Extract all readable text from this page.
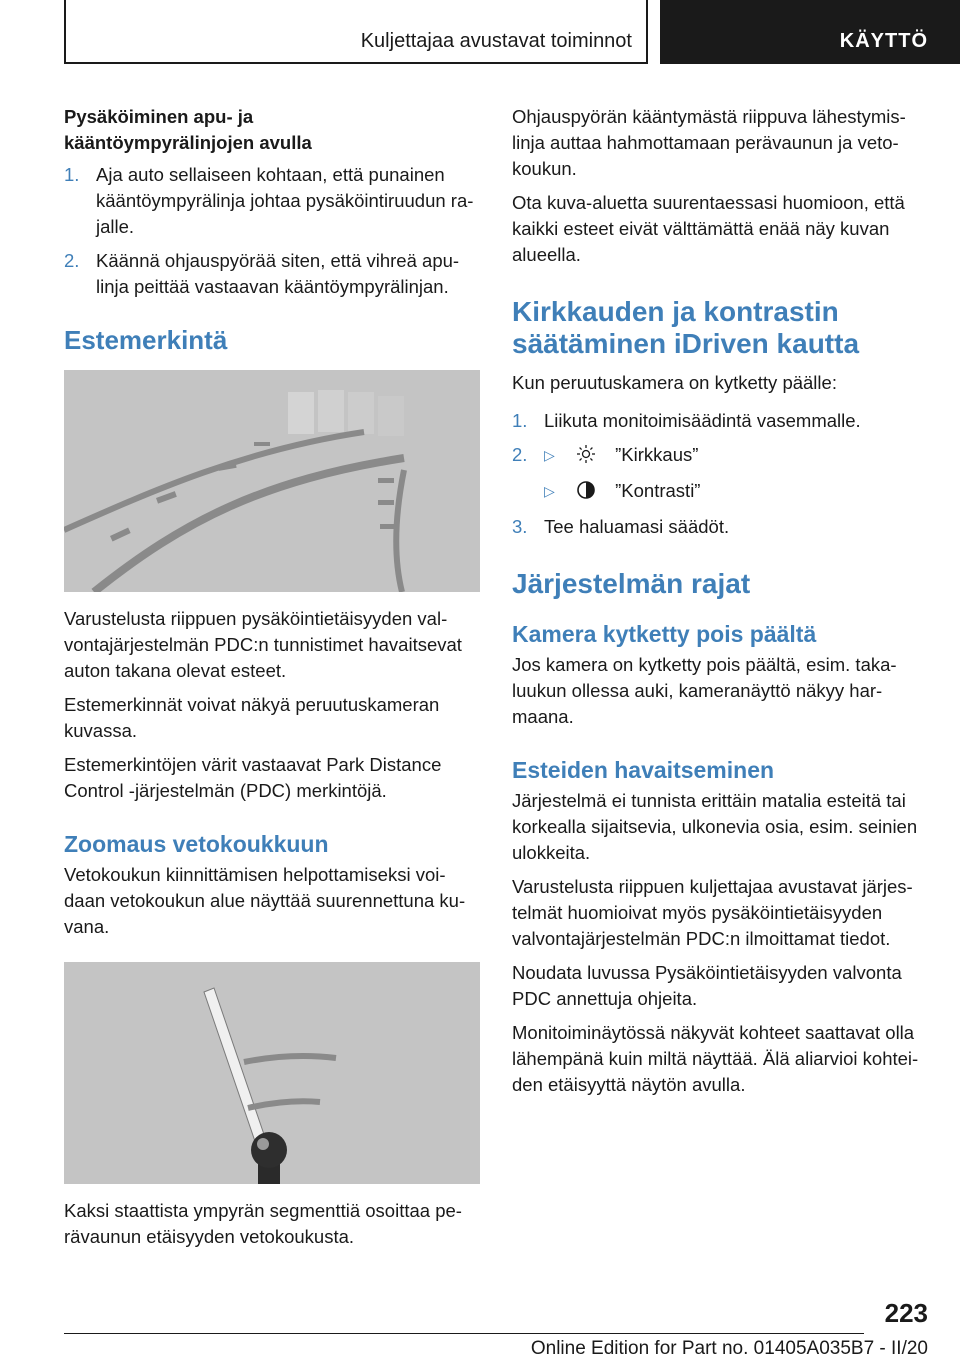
Kuljettajaa avustavat toiminnot	KÄYTTÖ
Pysäköiminen apu- ja
kääntöympyrälinjojen avulla
1. Aja auto sellaiseen kohtaan, että punainen kääntöympyrälinja johtaa pysäköintiruudun rajalle.
2. Käännä ohjauspyörää siten, että vihreä apulinja peittää vastaavan kääntöympyrälinjan.
Estemerkintä

Varustelusta riippuen pysäköintietäisyyden valvontajärjestelmän PDC:n tunnistimet havaitsevat auton takana olevat esteet.

Estemerkinnät voivat näkyä peruutuskameran kuvassa.

Estemerkintöjen värit vastaavat Park Distance Control -järjestelmän (PDC) merkintöjä.

Zoomaus vetokoukkuun

Vetokoukun kiinnittämisen helpottamiseksi voidaan vetokoukun alue näyttää suurennettuna kuvana.

Kaksi staattista ympyrän segmenttiä osoittaa perävaunun etäisyyden vetokoukusta.

Ohjauspyörän kääntymästä riippuva lähestymislinja auttaa hahmottamaan perävaunun ja vetokoukun.

Ota kuva-aluetta suurentaessasi huomioon, että kaikki esteet eivät välttämättä enää näy kuvan alueella.

Kirkkauden ja kontrastin säätäminen iDriven kautta

Kun peruutuskamera on kytketty päälle:

1. Liikuta monitoimisäädintä vasemmalle.
2. ▷	”Kirkkaus”
▷	”Kontrasti”
3. Tee haluamasi säädöt.
Järjestelmän rajat
Kamera kytketty pois päältä

Jos kamera on kytketty pois päältä, esim. takaluukun ollessa auki, kameranäyttö näkyy harmaana.

Esteiden havaitseminen

Järjestelmä ei tunnista erittäin matalia esteitä tai korkealla sijaitsevia, ulkonevia osia, esim. seinien ulokkeita.

Varustelusta riippuen kuljettajaa avustavat järjestelmät huomioivat myös pysäköintietäisyyden valvontajärjestelmän PDC:n ilmoittamat tiedot.

Noudata luvussa Pysäköintietäisyyden valvonta PDC annettuja ohjeita.

Monitoiminäytössä näkyvät kohteet saattavat olla lähempänä kuin miltä näyttää. Älä aliarvioi kohteiden etäisyyttä näytön avulla.

223
Online Edition for Part no. 01405A035B7 - II/20
